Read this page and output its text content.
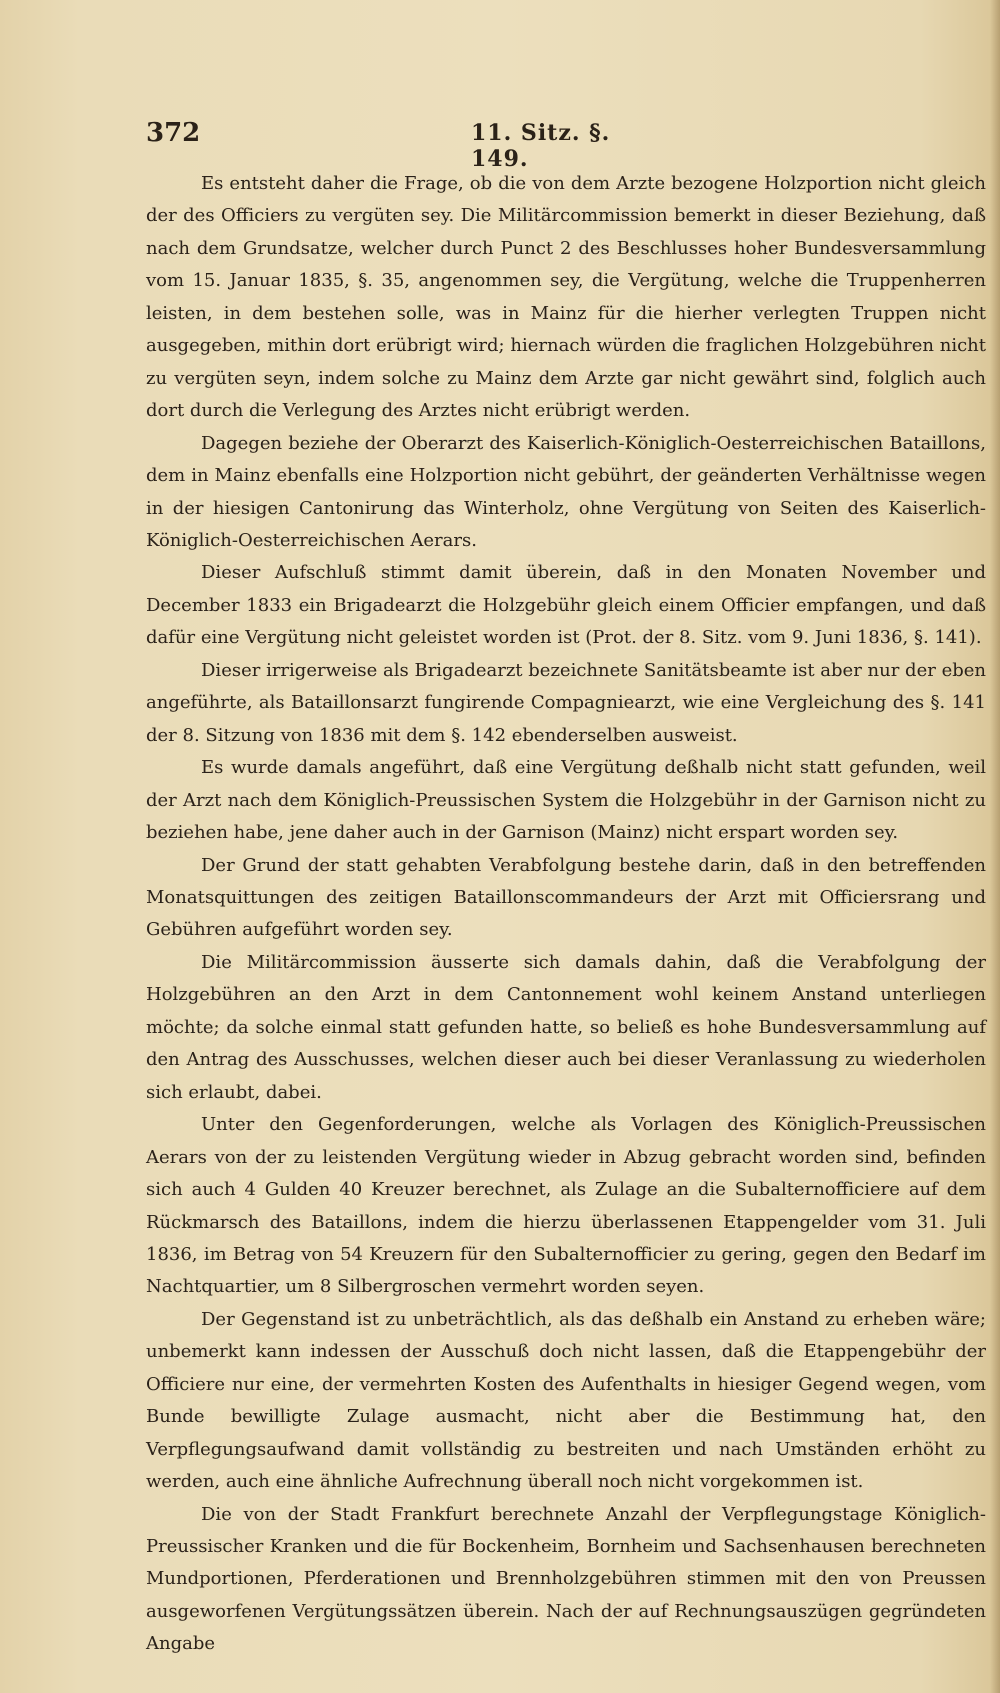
372	11. Sitz. §. 149.

Es entsteht daher die Frage, ob die von dem Arzte bezogene Holzportion nicht gleich der des Officiers zu vergüten sey. Die Militärcommission bemerkt in dieser Beziehung, daß nach dem Grundsatze, welcher durch Punct 2 des Beschlusses hoher Bundesversammlung vom 15. Januar 1835, §. 35, angenommen sey, die Vergütung, welche die Truppenherren leisten, in dem bestehen solle, was in Mainz für die hierher verlegten Truppen nicht ausgegeben, mithin dort erübrigt wird; hiernach würden die fraglichen Holzgebühren nicht zu vergüten seyn, indem solche zu Mainz dem Arzte gar nicht gewährt sind, folglich auch dort durch die Verlegung des Arztes nicht erübrigt werden.

Dagegen beziehe der Oberarzt des Kaiserlich-Königlich-Oesterreichischen Bataillons, dem in Mainz ebenfalls eine Holzportion nicht gebührt, der geänderten Verhältnisse wegen in der hiesigen Cantonirung das Winterholz, ohne Vergütung von Seiten des Kaiserlich-Königlich-Oesterreichischen Aerars.

Dieser Aufschluß stimmt damit überein, daß in den Monaten November und December 1833 ein Brigadearzt die Holzgebühr gleich einem Officier empfangen, und daß dafür eine Vergütung nicht geleistet worden ist (Prot. der 8. Sitz. vom 9. Juni 1836, §. 141).

Dieser irrigerweise als Brigadearzt bezeichnete Sanitätsbeamte ist aber nur der eben angeführte, als Bataillonsarzt fungirende Compagniearzt, wie eine Vergleichung des §. 141 der 8. Sitzung von 1836 mit dem §. 142 ebenderselben ausweist.

Es wurde damals angeführt, daß eine Vergütung deßhalb nicht statt gefunden, weil der Arzt nach dem Königlich-Preussischen System die Holzgebühr in der Garnison nicht zu beziehen habe, jene daher auch in der Garnison (Mainz) nicht erspart worden sey.

Der Grund der statt gehabten Verabfolgung bestehe darin, daß in den betreffenden Monatsquittungen des zeitigen Bataillonscommandeurs der Arzt mit Officiersrang und Gebühren aufgeführt worden sey.

Die Militärcommission äusserte sich damals dahin, daß die Verabfolgung der Holzgebühren an den Arzt in dem Cantonnement wohl keinem Anstand unterliegen möchte; da solche einmal statt gefunden hatte, so beließ es hohe Bundesversammlung auf den Antrag des Ausschusses, welchen dieser auch bei dieser Veranlassung zu wiederholen sich erlaubt, dabei.

Unter den Gegenforderungen, welche als Vorlagen des Königlich-Preussischen Aerars von der zu leistenden Vergütung wieder in Abzug gebracht worden sind, befinden sich auch 4 Gulden 40 Kreuzer berechnet, als Zulage an die Subalternofficiere auf dem Rückmarsch des Bataillons, indem die hierzu überlassenen Etappengelder vom 31. Juli 1836, im Betrag von 54 Kreuzern für den Subalternofficier zu gering, gegen den Bedarf im Nachtquartier, um 8 Silbergroschen vermehrt worden seyen.

Der Gegenstand ist zu unbeträchtlich, als das deßhalb ein Anstand zu erheben wäre; unbemerkt kann indessen der Ausschuß doch nicht lassen, daß die Etappengebühr der Officiere nur eine, der vermehrten Kosten des Aufenthalts in hiesiger Gegend wegen, vom Bunde bewilligte Zulage ausmacht, nicht aber die Bestimmung hat, den Verpflegungsaufwand damit vollständig zu bestreiten und nach Umständen erhöht zu werden, auch eine ähnliche Aufrechnung überall noch nicht vorgekommen ist.

Die von der Stadt Frankfurt berechnete Anzahl der Verpflegungstage Königlich-Preussischer Kranken und die für Bockenheim, Bornheim und Sachsenhausen berechneten Mundportionen, Pferderationen und Brennholzgebühren stimmen mit den von Preussen ausgeworfenen Vergütungssätzen überein. Nach der auf Rechnungsauszügen gegründeten Angabe
